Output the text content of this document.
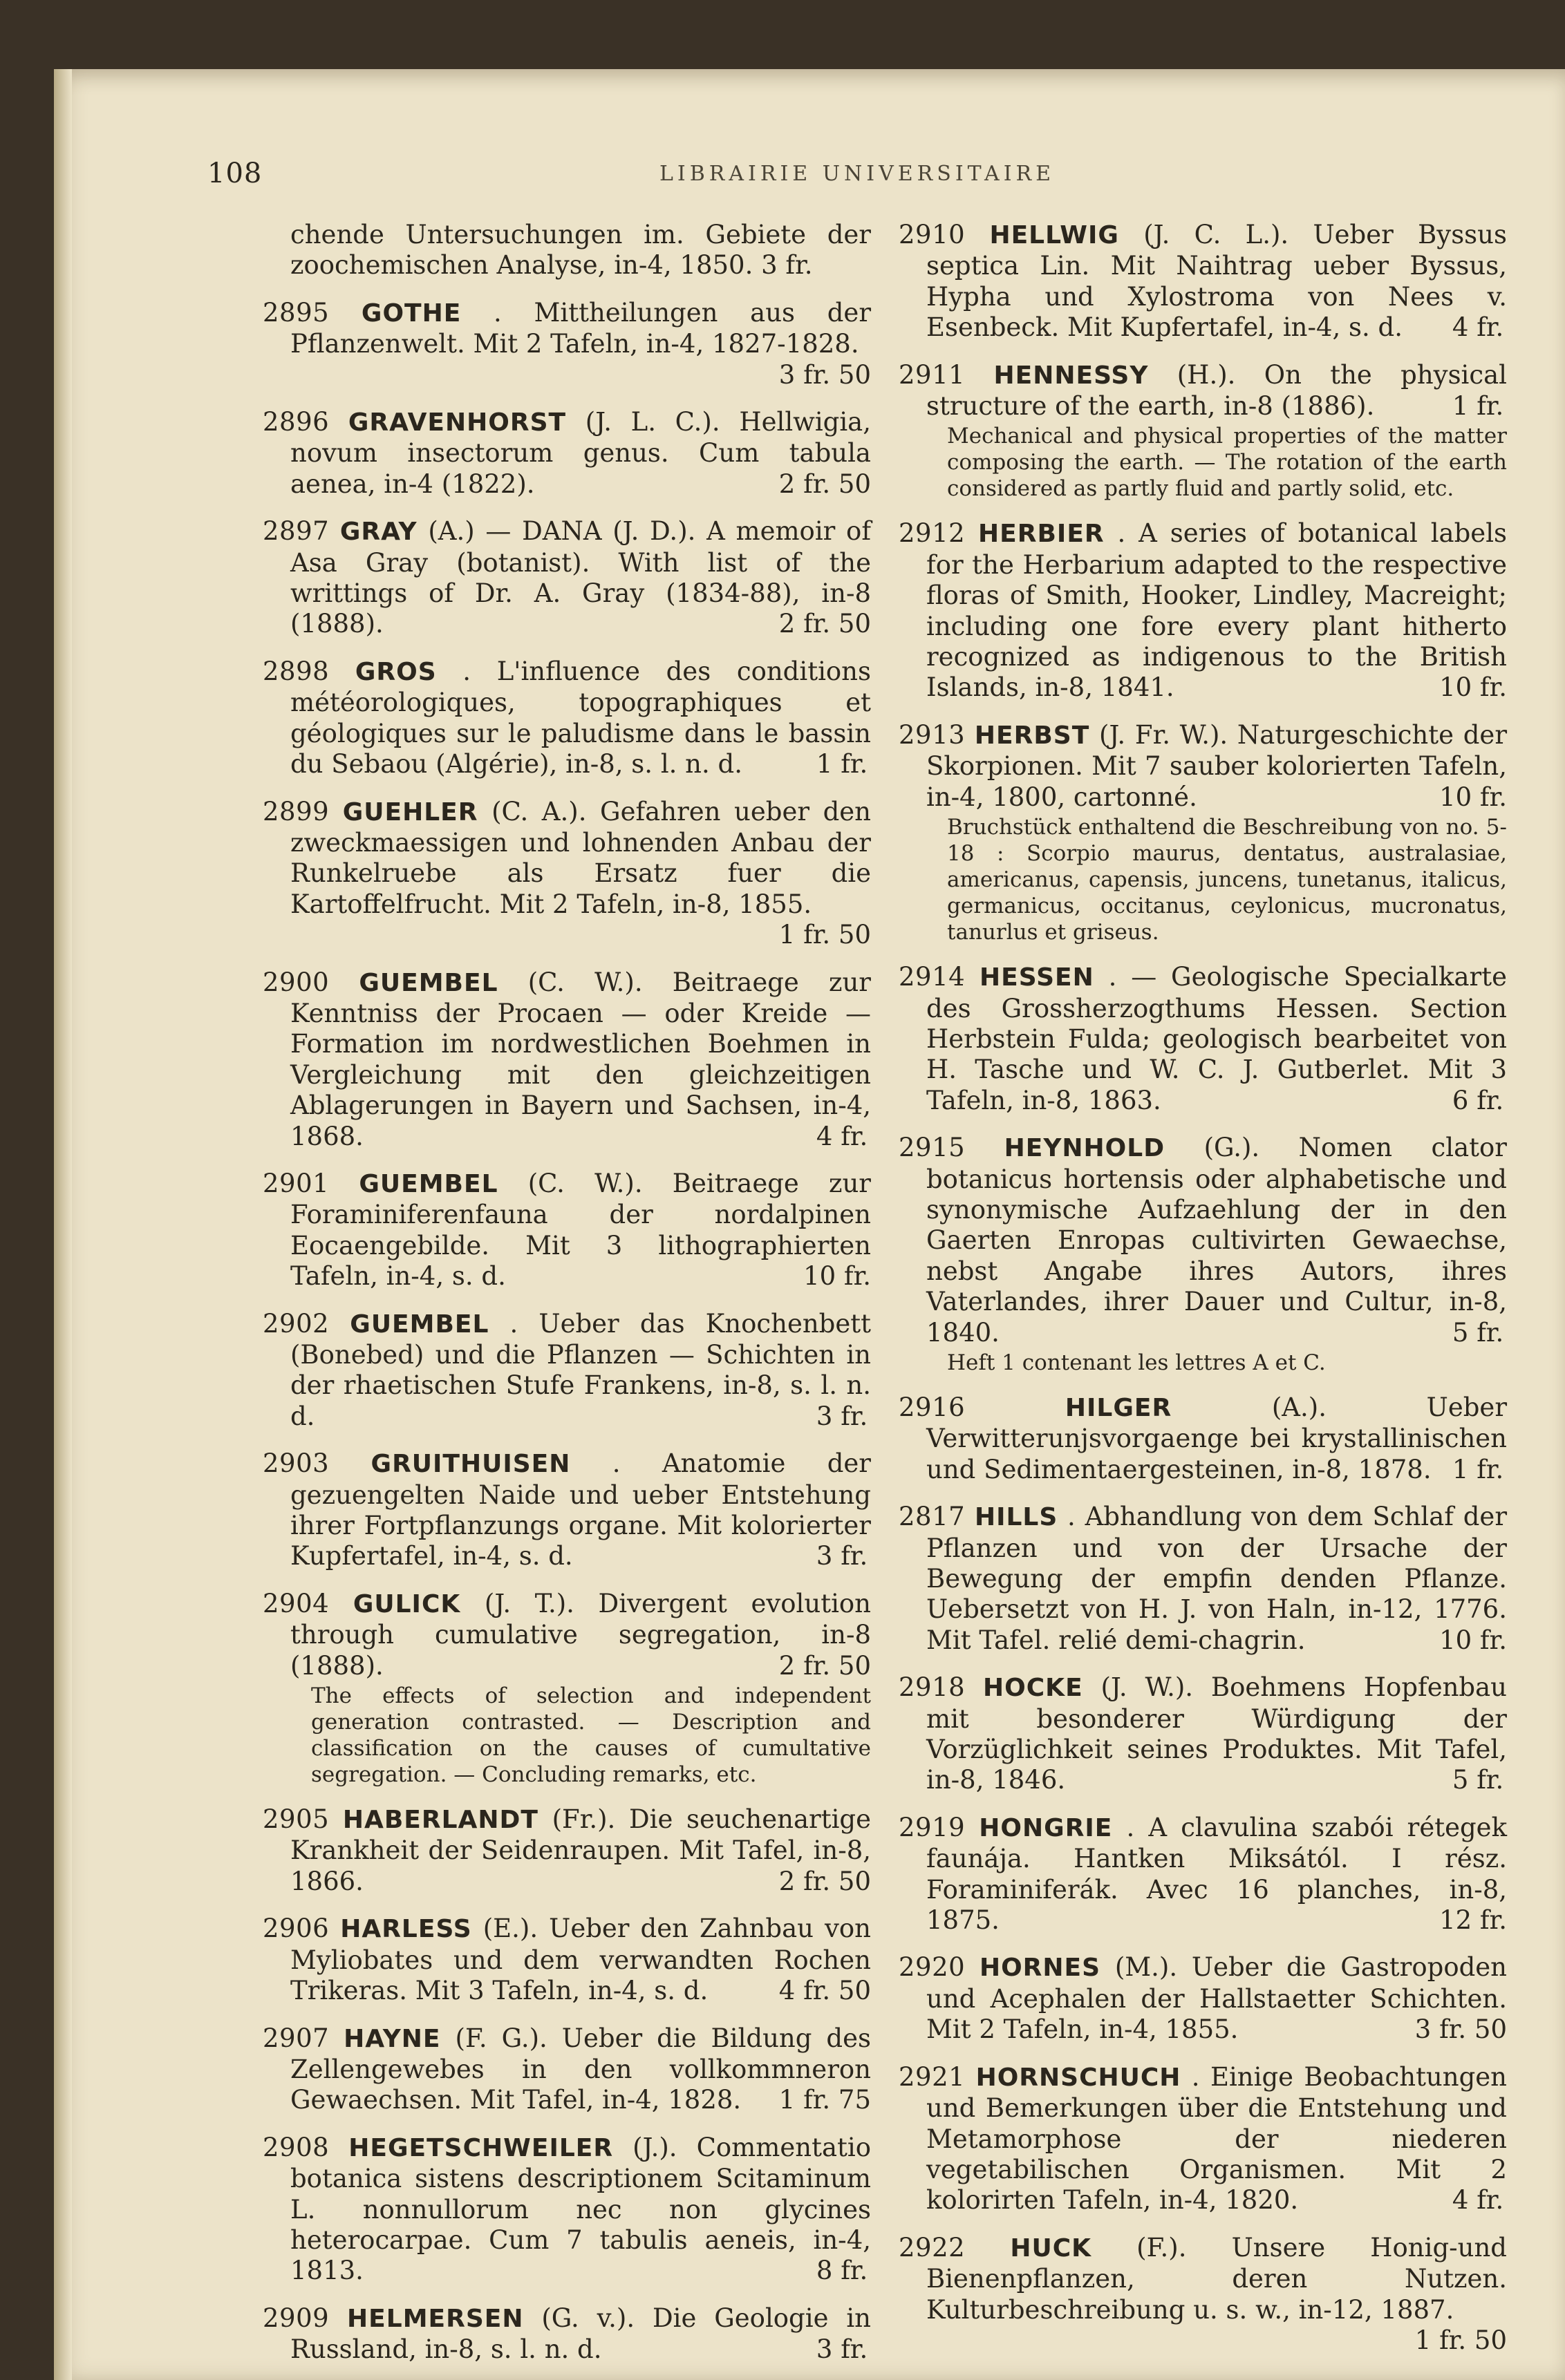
108	LIBRAIRIE UNIVERSITAIRE
chende Untersuchungen im. Gebiete der zoochemischen Analyse, in-4, 1850. 3 fr.
2895 GOTHE . Mittheilungen aus der Pflanzenwelt. Mit 2 Tafeln, in-4, 1827-1828.
3 fr. 50
2896 GRAVENHORST (J. L. C.). Hellwigia, novum insectorum genus. Cum tabula aenea, in-4 (1822).	2 fr. 50
2897 GRAY (A.) — DANA (J. D.). A memoir of Asa Gray (botanist). With list of the writtings of Dr. A. Gray (1834-88), in-8 (1888).	2 fr. 50
2898 GROS . L'influence des conditions météorologiques, topographiques et géologiques sur le paludisme dans le bassin du Sebaou (Algérie), in-8, s. l. n. d.	1 fr.
2899 GUEHLER (C. A.). Gefahren ueber den zweckmaessigen und lohnenden Anbau der Runkelruebe als Ersatz fuer die Kartoffelfrucht. Mit 2 Tafeln, in-8, 1855.
1 fr. 50
2900 GUEMBEL (C. W.). Beitraege zur Kenntniss der Procaen — oder Kreide — Formation im nordwestlichen Boehmen in Vergleichung mit den gleichzeitigen Ablagerungen in Bayern und Sachsen, in-4, 1868.	4 fr.
2901 GUEMBEL (C. W.). Beitraege zur Foraminiferenfauna der nordalpinen Eocaengebilde. Mit 3 lithographierten Tafeln, in-4, s. d.	10 fr.
2902 GUEMBEL . Ueber das Knochenbett (Bonebed) und die Pflanzen — Schichten in der rhaetischen Stufe Frankens, in-8, s. l. n. d.	3 fr.
2903 GRUITHUISEN . Anatomie der gezuengelten Naide und ueber Entstehung ihrer Fortpflanzungs organe. Mit kolorierter Kupfertafel, in-4, s. d.	3 fr.
2904 GULICK (J. T.). Divergent evolution through cumulative segregation, in-8 (1888).	2 fr. 50
The effects of selection and independent generation contrasted. — Description and classification on the causes of cumultative segregation. — Concluding remarks, etc.
2905 HABERLANDT (Fr.). Die seuchenartige Krankheit der Seidenraupen. Mit Tafel, in-8, 1866.	2 fr. 50
2906 HARLESS (E.). Ueber den Zahnbau von Myliobates und dem verwandten Rochen Trikeras. Mit 3 Tafeln, in-4, s. d.	4 fr. 50
2907 HAYNE (F. G.). Ueber die Bildung des Zellengewebes in den vollkommneron Gewaechsen. Mit Tafel, in-4, 1828. 1 fr. 75
2908 HEGETSCHWEILER (J.). Commentatio botanica sistens descriptionem Scitaminum L. nonnullorum nec non glycines heterocarpae. Cum 7 tabulis aeneis, in-4, 1813.	8 fr.
2909 HELMERSEN (G. v.). Die Geologie in Russland, in-8, s. l. n. d.	3 fr.
2910 HELLWIG (J. C. L.). Ueber Byssus septica Lin. Mit Naihtrag ueber Byssus, Hypha und Xylostroma von Nees v. Esenbeck. Mit Kupfertafel, in-4, s. d. 4 fr.
2911 HENNESSY (H.). On the physical structure of the earth, in-8 (1886).	1 fr.
Mechanical and physical properties of the matter composing the earth. — The rotation of the earth considered as partly fluid and partly solid, etc.
2912 HERBIER . A series of botanical labels for the Herbarium adapted to the respective floras of Smith, Hooker, Lindley, Macreight; including one fore every plant hitherto recognized as indigenous to the British Islands, in-8, 1841.	10 fr.
2913 HERBST (J. Fr. W.). Naturgeschichte der Skorpionen. Mit 7 sauber kolorierten Tafeln, in-4, 1800, cartonné.	10 fr.
Bruchstück enthaltend die Beschreibung von no. 5-18 : Scorpio maurus, dentatus, australasiae, americanus, capensis, juncens, tunetanus, italicus, germanicus, occitanus, ceylonicus, mucronatus, tanurlus et griseus.
2914 HESSEN . — Geologische Specialkarte des Grossherzogthums Hessen. Section Herbstein Fulda; geologisch bearbeitet von H. Tasche und W. C. J. Gutberlet. Mit 3 Tafeln, in-8, 1863.	6 fr.
2915 HEYNHOLD (G.). Nomen clator botanicus hortensis oder alphabetische und synonymische Aufzaehlung der in den Gaerten Enropas cultivirten Gewaechse, nebst Angabe ihres Autors, ihres Vaterlandes, ihrer Dauer und Cultur, in-8, 1840.	5 fr.
Heft 1 contenant les lettres A et C.
2916	HILGER	(A.). Ueber Verwitterunjsvorgaenge bei krystallinischen und Sedimentaergesteinen, in-8, 1878. 1 fr.
2817 HILLS . Abhandlung von dem Schlaf der Pflanzen und von der Ursache der Bewegung der empfin denden Pflanze. Uebersetzt von H. J. von Haln, in-12, 1776. Mit Tafel. relié demi-chagrin.	10 fr.
2918 HOCKE (J. W.). Boehmens Hopfenbau mit besonderer Würdigung der Vorzüglichkeit seines Produktes. Mit Tafel, in-8, 1846.	5 fr.
2919 HONGRIE . A clavulina szabói rétegek faunája. Hantken Miksától. I rész. Foraminiferák. Avec 16 planches, in-8, 1875.	12 fr.
2920 HORNES (M.). Ueber die Gastropoden und Acephalen der Hallstaetter Schichten. Mit 2 Tafeln, in-4, 1855.	3 fr. 50
2921 HORNSCHUCH . Einige Beobachtungen und Bemerkungen über die Entstehung und Metamorphose der niederen vegetabilischen Organismen. Mit 2 kolorirten Tafeln, in-4, 1820.	4 fr.
2922 HUCK (F.). Unsere Honig-und Bienenpflanzen, deren Nutzen. Kulturbeschreibung u. s. w., in-12, 1887.
1 fr. 50
